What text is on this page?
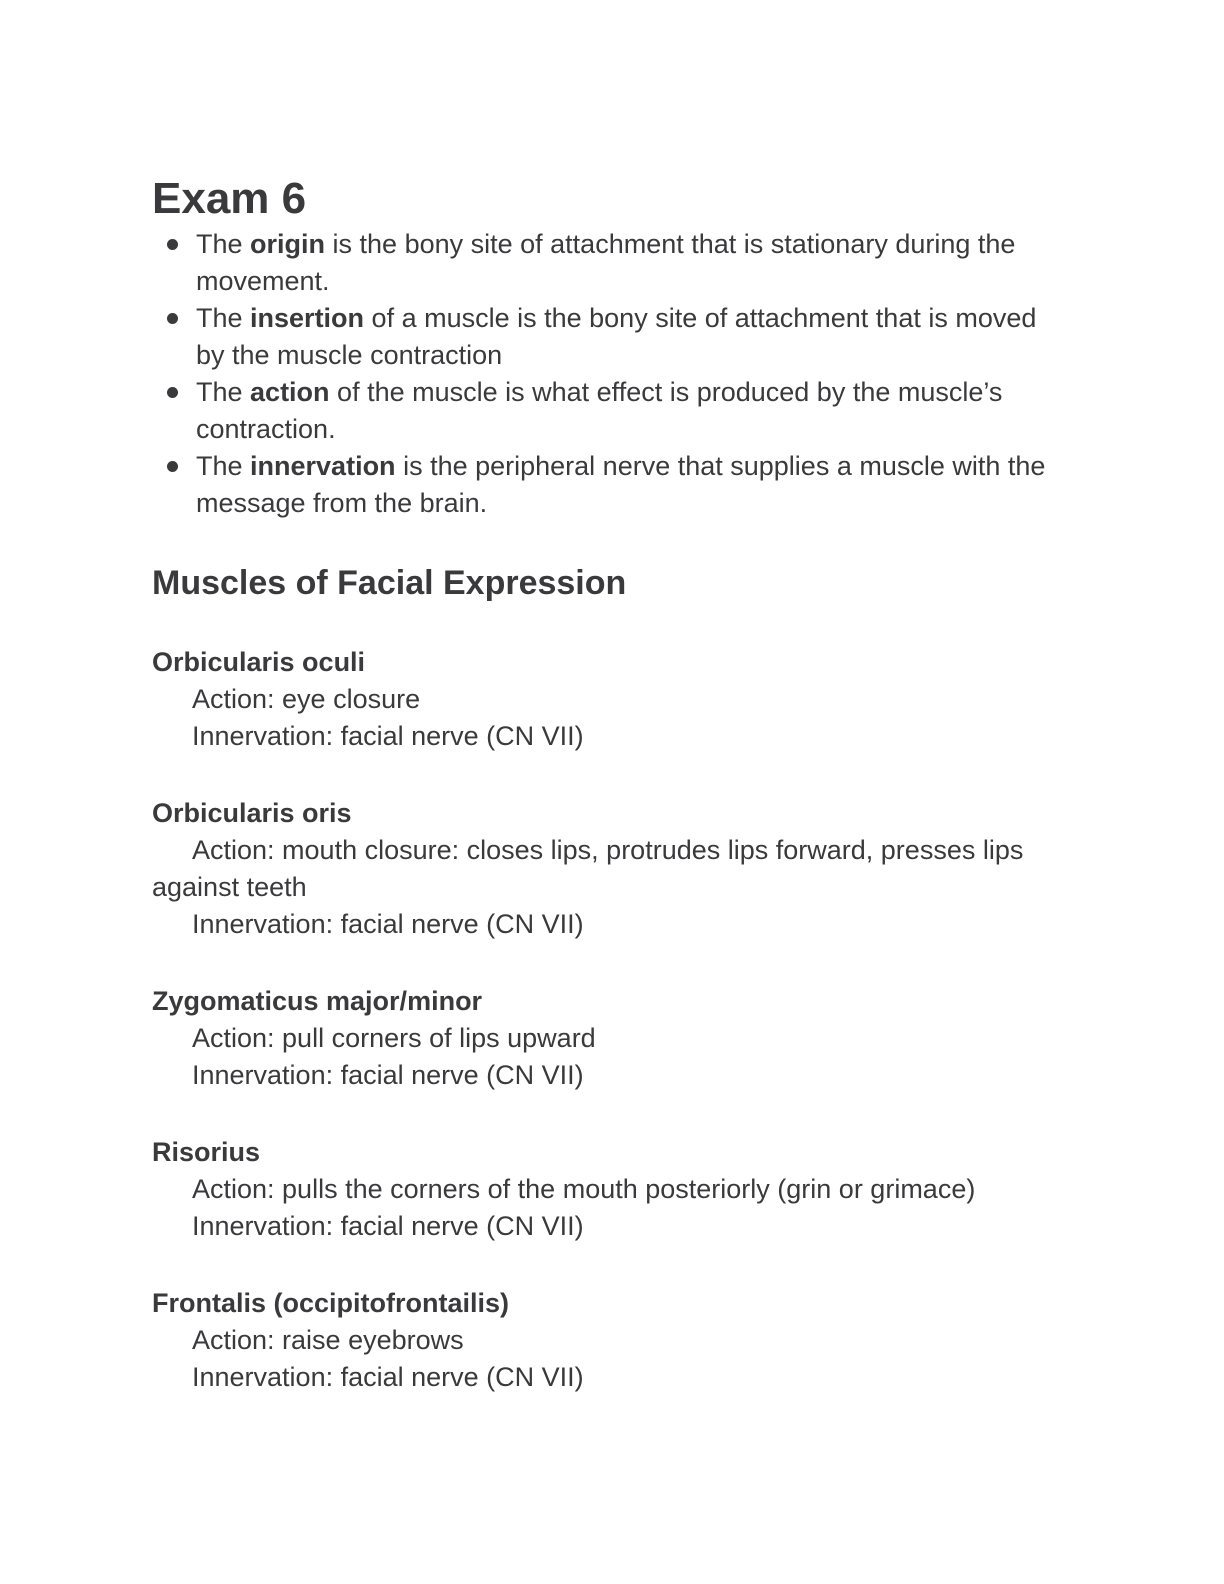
Exam 6
The origin is the bony site of attachment that is stationary during the movement.
The insertion of a muscle is the bony site of attachment that is moved by the muscle contraction
The action of the muscle is what effect is produced by the muscle’s contraction.
The innervation is the peripheral nerve that supplies a muscle with the message from the brain.
Muscles of Facial Expression
Orbicularis oculi
Action: eye closure
Innervation: facial nerve (CN VII)
Orbicularis oris
Action: mouth closure: closes lips, protrudes lips forward, presses lips against teeth
Innervation: facial nerve (CN VII)
Zygomaticus major/minor
Action: pull corners of lips upward
Innervation: facial nerve (CN VII)
Risorius
Action: pulls the corners of the mouth posteriorly (grin or grimace)
Innervation: facial nerve (CN VII)
Frontalis (occipitofrontailis)
Action: raise eyebrows
Innervation: facial nerve (CN VII)
